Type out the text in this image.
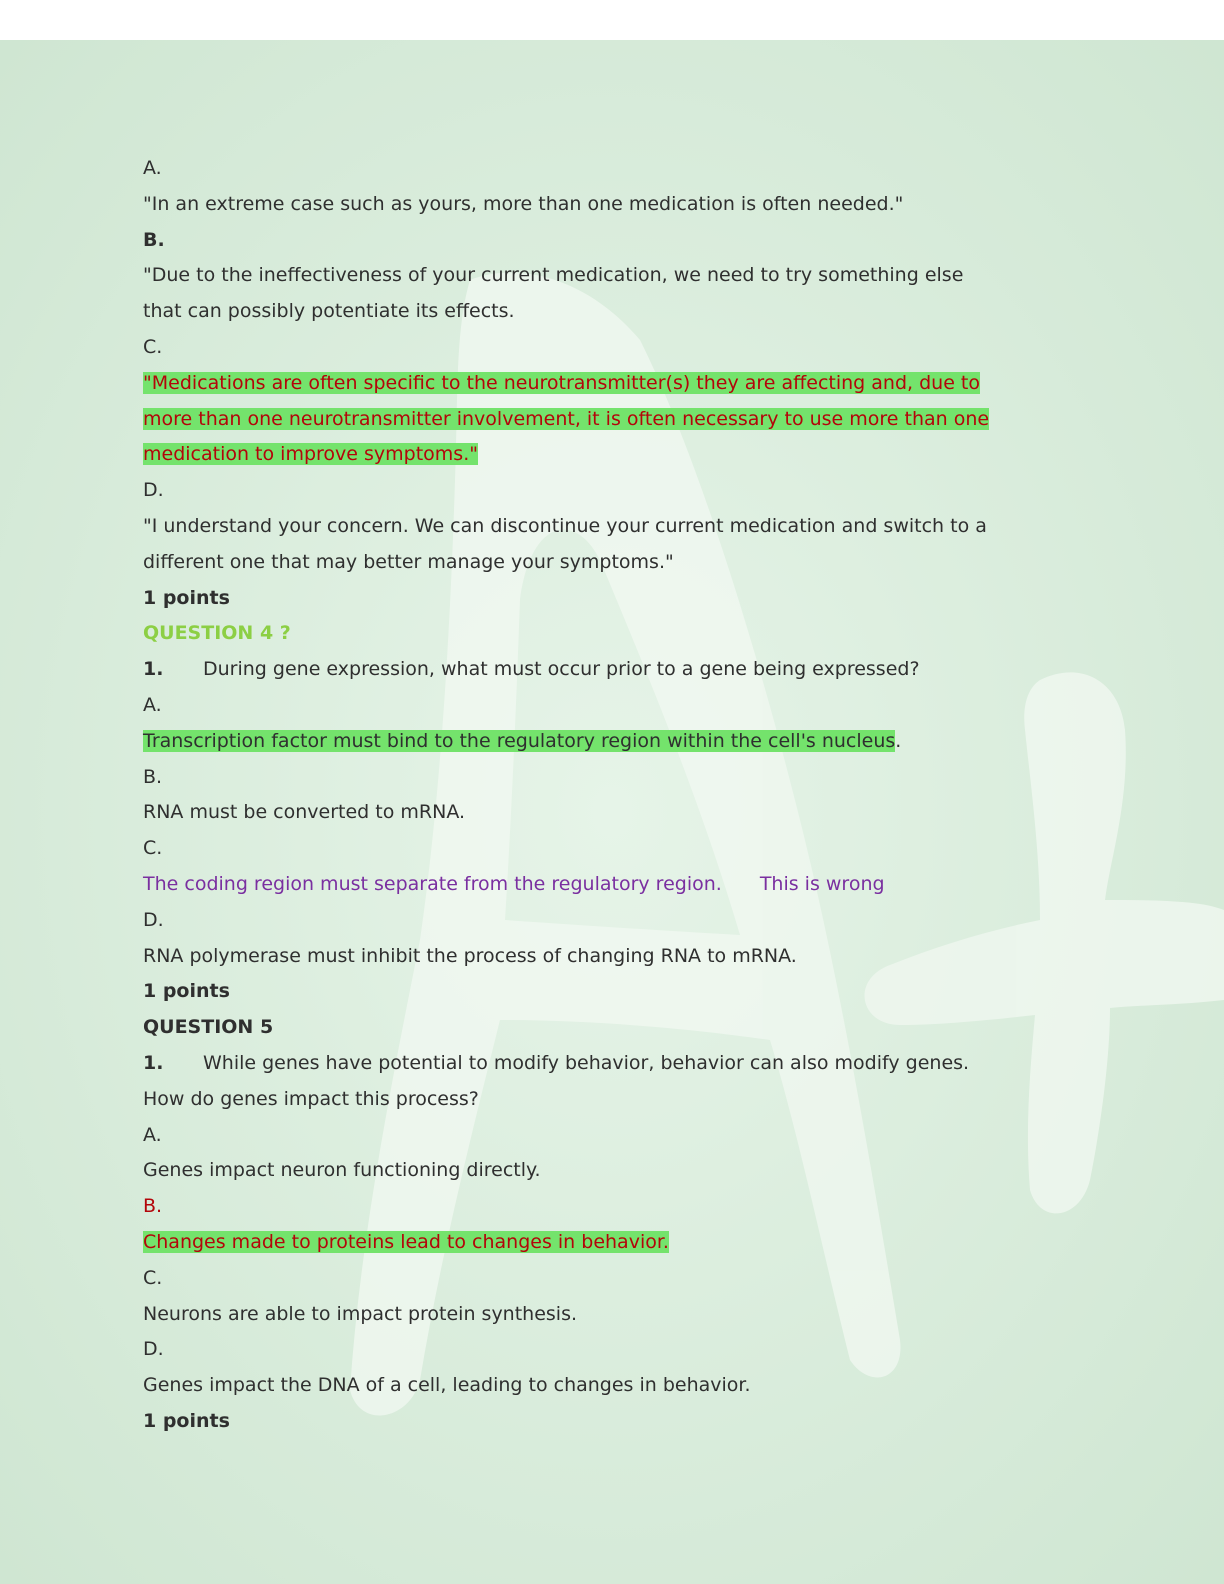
A.
"In an extreme case such as yours, more than one medication is often needed."
B.
"Due to the ineffectiveness of your current medication, we need to try something else
that can possibly potentiate its effects.
C.
"Medications are often specific to the neurotransmitter(s) they are affecting and, due to
more than one neurotransmitter involvement, it is often necessary to use more than one
medication to improve symptoms."
D.
"I understand your concern. We can discontinue your current medication and switch to a
different one that may better manage your symptoms."
1 points
QUESTION 4 ?
1. During gene expression, what must occur prior to a gene being expressed?
A.
Transcription factor must bind to the regulatory region within the cell's nucleus.
B.
RNA must be converted to mRNA.
C.
The coding region must separate from the regulatory region. This is wrong
D.
RNA polymerase must inhibit the process of changing RNA to mRNA.
1 points
QUESTION 5
1. While genes have potential to modify behavior, behavior can also modify genes.
How do genes impact this process?
A.
Genes impact neuron functioning directly.
B.
Changes made to proteins lead to changes in behavior.
C.
Neurons are able to impact protein synthesis.
D.
Genes impact the DNA of a cell, leading to changes in behavior.
1 points
